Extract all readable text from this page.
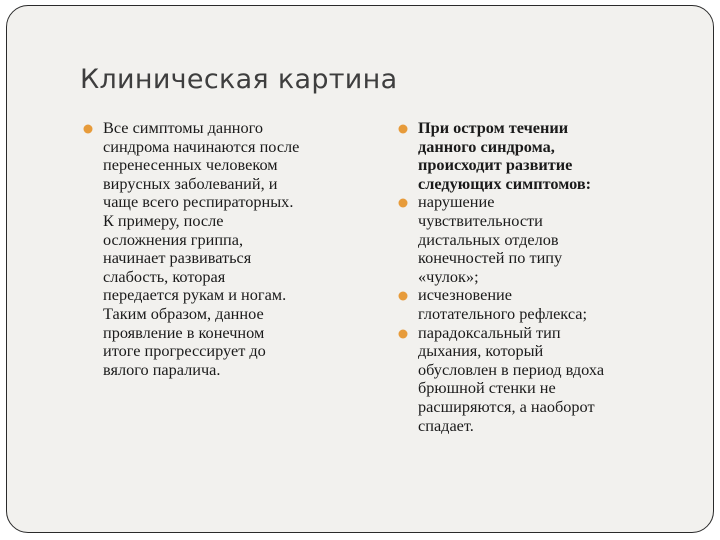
Клиническая картина
Все симптомы данного
синдрома начинаются после
перенесенных человеком
вирусных заболеваний, и
чаще всего респираторных.
К примеру, после
осложнения гриппа,
начинает развиваться
слабость, которая
передается рукам и ногам.
Таким образом, данное
проявление в конечном
итоге прогрессирует до
вялого паралича.
При остром течении
данного синдрома,
происходит развитие
следующих симптомов:
нарушение
чувствительности
дистальных отделов
конечностей по типу
«чулок»;
исчезновение
глотательного рефлекса;
парадоксальный тип
дыхания, который
обусловлен в период вдоха
брюшной стенки не
расширяются, а наоборот
спадает.
